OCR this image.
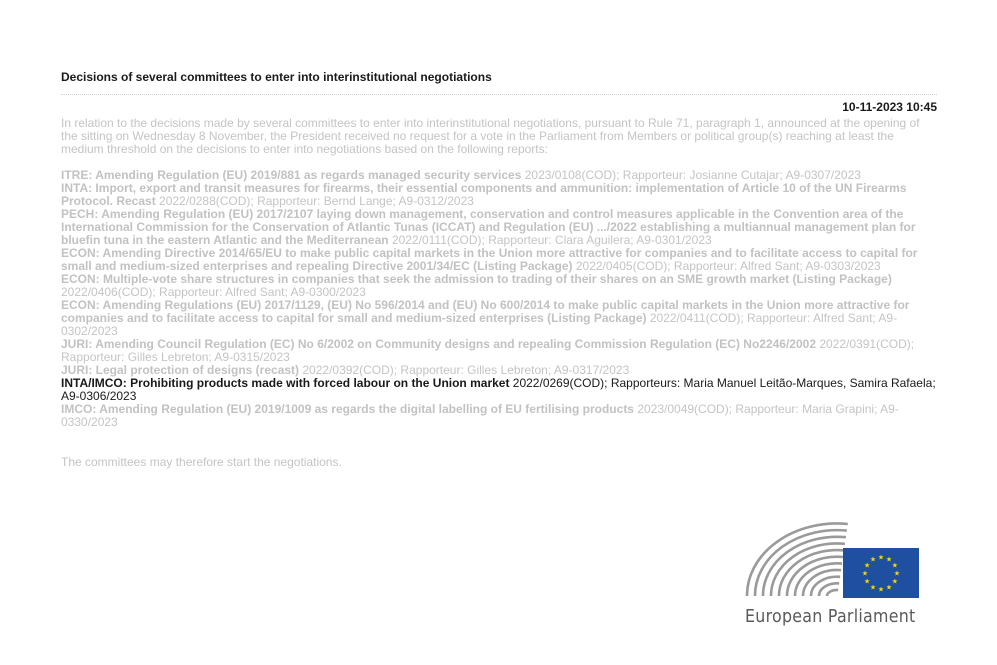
Decisions of several committees to enter into interinstitutional negotiations
10-11-2023 10:45
In relation to the decisions made by several committees to enter into interinstitutional negotiations, pursuant to Rule 71, paragraph 1, announced at the opening of the sitting on Wednesday 8 November, the President received no request for a vote in the Parliament from Members or political group(s) reaching at least the medium threshold on the decisions to enter into negotiations based on the following reports:
ITRE: Amending Regulation (EU) 2019/881 as regards managed security services 2023/0108(COD); Rapporteur: Josianne Cutajar; A9-0307/2023
INTA: Import, export and transit measures for firearms, their essential components and ammunition: implementation of Article 10 of the UN Firearms Protocol. Recast 2022/0288(COD); Rapporteur: Bernd Lange; A9-0312/2023
PECH: Amending Regulation (EU) 2017/2107 laying down management, conservation and control measures applicable in the Convention area of the International Commission for the Conservation of Atlantic Tunas (ICCAT) and Regulation (EU) .../2022 establishing a multiannual management plan for bluefin tuna in the eastern Atlantic and the Mediterranean 2022/0111(COD); Rapporteur: Clara Aguilera; A9-0301/2023
ECON: Amending Directive 2014/65/EU to make public capital markets in the Union more attractive for companies and to facilitate access to capital for small and medium-sized enterprises and repealing Directive 2001/34/EC (Listing Package) 2022/0405(COD); Rapporteur: Alfred Sant; A9-0303/2023
ECON: Multiple-vote share structures in companies that seek the admission to trading of their shares on an SME growth market (Listing Package) 2022/0406(COD); Rapporteur: Alfred Sant; A9-0300/2023
ECON: Amending Regulations (EU) 2017/1129, (EU) No 596/2014 and (EU) No 600/2014 to make public capital markets in the Union more attractive for companies and to facilitate access to capital for small and medium-sized enterprises (Listing Package) 2022/0411(COD); Rapporteur: Alfred Sant; A9-0302/2023
JURI: Amending Council Regulation (EC) No 6/2002 on Community designs and repealing Commission Regulation (EC) No2246/2002 2022/0391(COD); Rapporteur: Gilles Lebreton; A9-0315/2023
JURI: Legal protection of designs (recast) 2022/0392(COD); Rapporteur: Gilles Lebreton; A9-0317/2023
INTA/IMCO: Prohibiting products made with forced labour on the Union market 2022/0269(COD); Rapporteurs: Maria Manuel Leitão-Marques, Samira Rafaela; A9-0306/2023
IMCO: Amending Regulation (EU) 2019/1009 as regards the digital labelling of EU fertilising products 2023/0049(COD); Rapporteur: Maria Grapini; A9-0330/2023
The committees may therefore start the negotiations.
★
★
★
★
★
★
★
★
★ ★ ★
★
European Parliament
